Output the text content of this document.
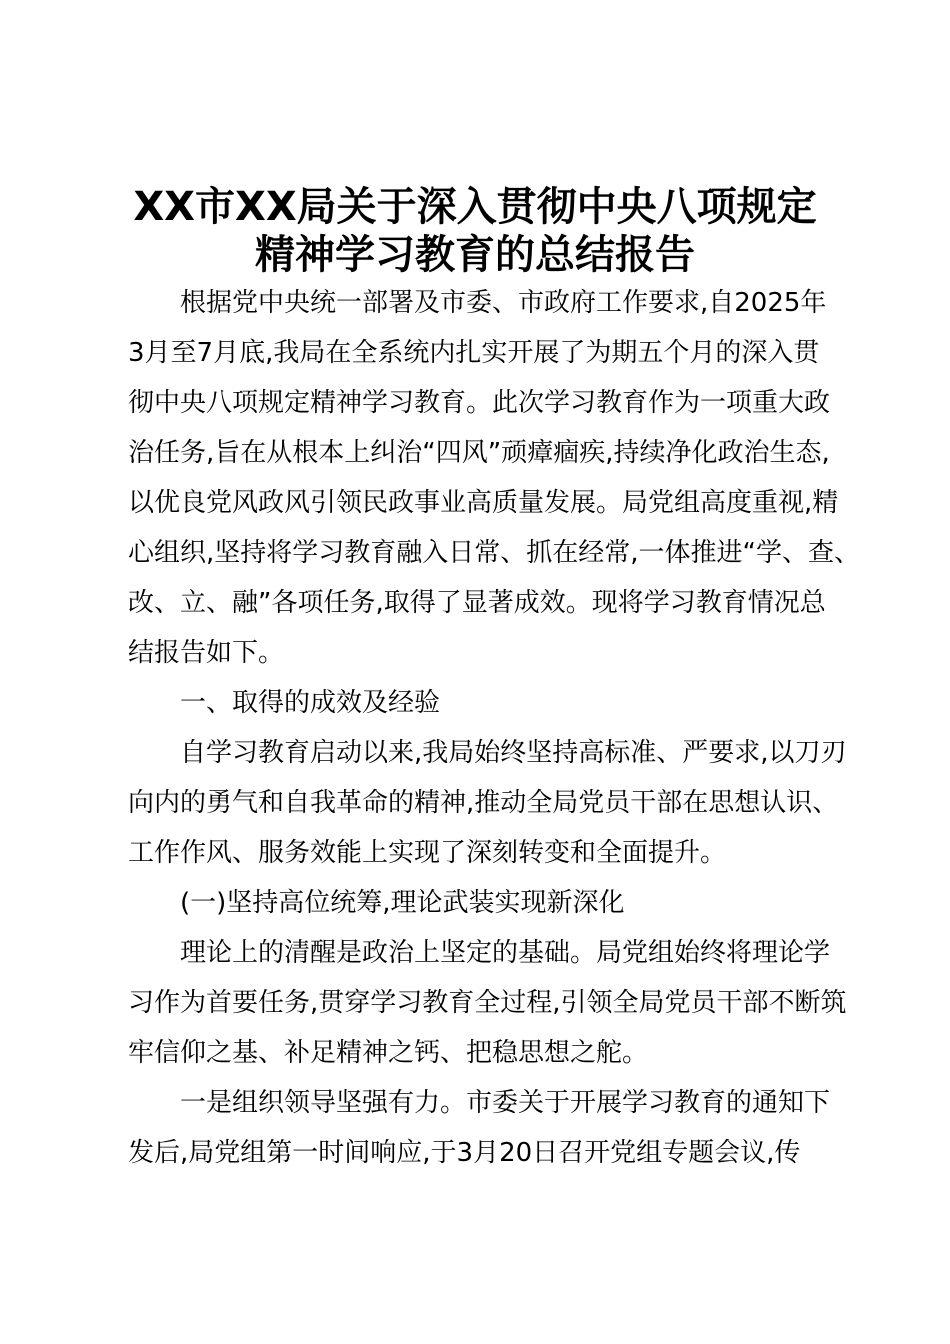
XX市XX局关于深入贯彻中央八项规定
精神学习教育的总结报告
根据党中央统一部署及市委、市政府工作要求,自2025年
3月至7月底,我局在全系统内扎实开展了为期五个月的深入贯
彻中央八项规定精神学习教育。此次学习教育作为一项重大政
治任务,旨在从根本上纠治“四风”顽瘴痼疾,持续净化政治生态,
以优良党风政风引领民政事业高质量发展。局党组高度重视,精
心组织,坚持将学习教育融入日常、抓在经常,一体推进“学、查、
改、立、融”各项任务,取得了显著成效。现将学习教育情况总
结报告如下。
一、取得的成效及经验
自学习教育启动以来,我局始终坚持高标准、严要求,以刀刃
向内的勇气和自我革命的精神,推动全局党员干部在思想认识、
工作作风、服务效能上实现了深刻转变和全面提升。
(一)坚持高位统筹,理论武装实现新深化
理论上的清醒是政治上坚定的基础。局党组始终将理论学
习作为首要任务,贯穿学习教育全过程,引领全局党员干部不断筑
牢信仰之基、补足精神之钙、把稳思想之舵。
一是组织领导坚强有力。市委关于开展学习教育的通知下
发后,局党组第一时间响应,于3月20日召开党组专题会议,传
